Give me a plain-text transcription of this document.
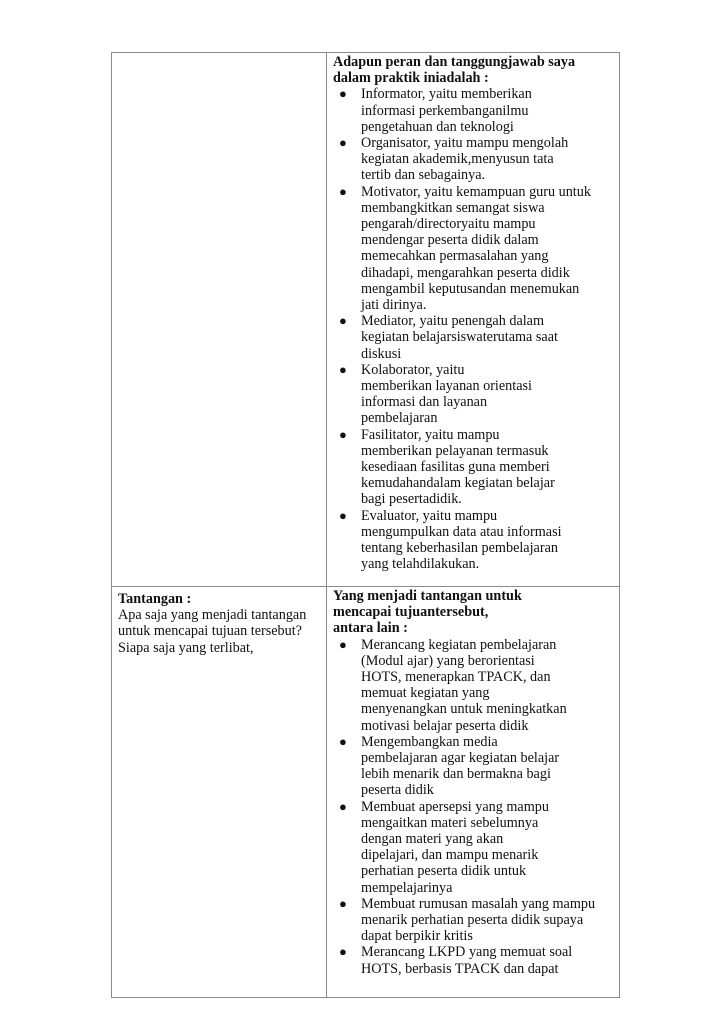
Adapun peran dan tanggungjawab saya
dalam praktik iniadalah :
● Informator, yaitu memberikan
informasi perkembanganilmu
pengetahuan dan teknologi
● Organisator, yaitu mampu mengolah
kegiatan akademik,menyusun tata
tertib dan sebagainya.
● Motivator, yaitu kemampuan guru untuk
membangkitkan semangat siswa
pengarah/directoryaitu mampu
mendengar peserta didik dalam
memecahkan permasalahan yang
dihadapi, mengarahkan peserta didik
mengambil keputusandan menemukan
jati dirinya.
● Mediator, yaitu penengah dalam
kegiatan belajarsiswaterutama saat
diskusi
● Kolaborator, yaitu
memberikan layanan orientasi
informasi dan layanan
pembelajaran
● Fasilitator, yaitu mampu
memberikan pelayanan termasuk
kesediaan fasilitas guna memberi
kemudahandalam kegiatan belajar
bagi pesertadidik.
● Evaluator, yaitu mampu
mengumpulkan data atau informasi
tentang keberhasilan pembelajaran
yang telahdilakukan.
Tantangan :
Apa saja yang menjadi tantangan
untuk mencapai tujuan tersebut?
Siapa saja yang terlibat,
Yang menjadi tantangan untuk
mencapai tujuantersebut,
antara lain :
● Merancang kegiatan pembelajaran
(Modul ajar) yang berorientasi
HOTS, menerapkan TPACK, dan
memuat kegiatan yang
menyenangkan untuk meningkatkan
motivasi belajar peserta didik
● Mengembangkan media
pembelajaran agar kegiatan belajar
lebih menarik dan bermakna bagi
peserta didik
● Membuat apersepsi yang mampu
mengaitkan materi sebelumnya
dengan materi yang akan
dipelajari, dan mampu menarik
perhatian peserta didik untuk
mempelajarinya
● Membuat rumusan masalah yang mampu
menarik perhatian peserta didik supaya
dapat berpikir kritis
● Merancang LKPD yang memuat soal
HOTS, berbasis TPACK dan dapat
